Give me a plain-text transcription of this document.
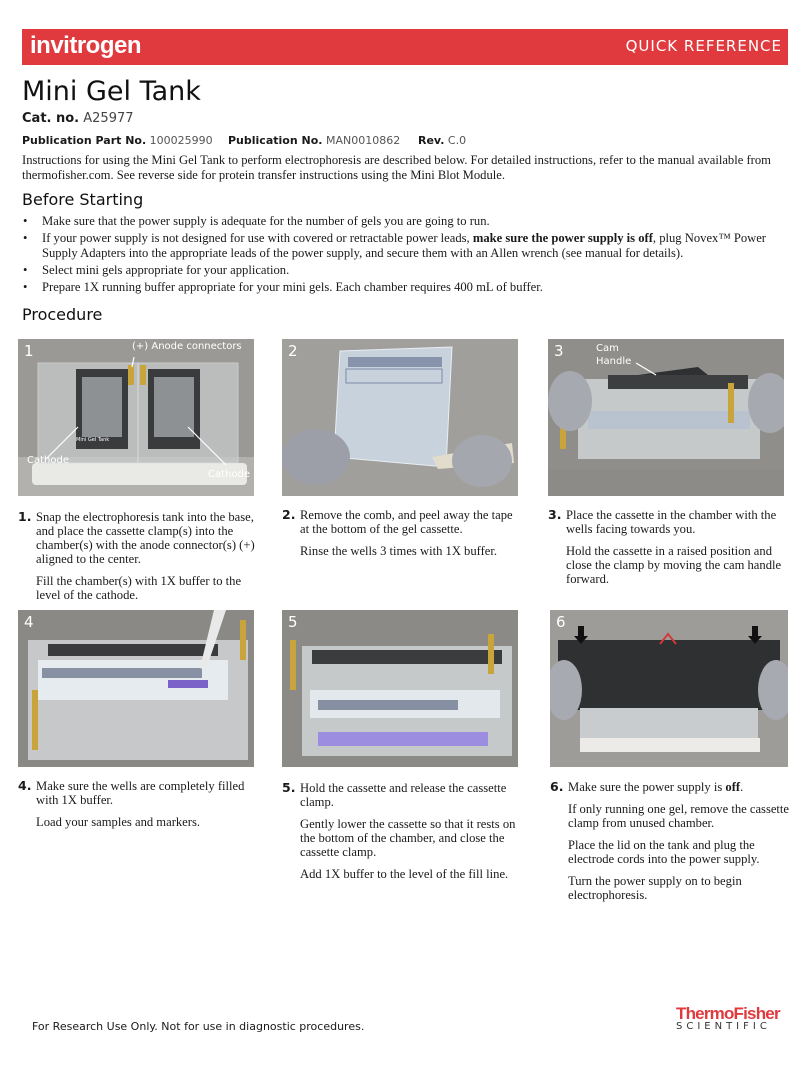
invitrogen	QUICK REFERENCE
Mini Gel Tank
Cat. no. A25977
Publication Part No. 100025990 Publication No. MAN0010862 Rev. C.0
Instructions for using the Mini Gel Tank to perform electrophoresis are described below. For detailed instructions, refer to the manual available from thermofisher.com. See reverse side for protein transfer instructions using the Mini Blot Module.
Before Starting
• Make sure that the power supply is adequate for the number of gels you are going to run.
• If your power supply is not designed for use with covered or retractable power leads, make sure the power supply is off, plug Novex™ Power Supply Adapters into the appropriate leads of the power supply, and secure them with an Allen wrench (see manual for details).
• Select mini gels appropriate for your application.
• Prepare 1X running buffer appropriate for your mini gels. Each chamber requires 400 mL of buffer.
Procedure
Mini Gel Tank
1	(+) Anode connectors
Cathode
Cathode
2	3	Cam
Handle
1. Snap the electrophoresis tank into the base, and place the cassette clamp(s) into the chamber(s) with the anode connector(s) (+) aligned to the center.

Fill the chamber(s) with 1X buffer to the level of the cathode.

2. Remove the comb, and peel away the tape at the bottom of the gel cassette.

Rinse the wells 3 times with 1X buffer.

3. Place the cassette in the chamber with the wells facing towards you.

Hold the cassette in a raised position and close the clamp by moving the cam handle forward.

4	5	6
4. Make sure the wells are completely filled with 1X buffer.

Load your samples and markers.

5. Hold the cassette and release the cassette clamp.

Gently lower the cassette so that it rests on the bottom of the chamber, and close the cassette clamp.

Add 1X buffer to the level of the fill line.

6. Make sure the power supply is off.

If only running one gel, remove the cassette clamp from unused chamber.

Place the lid on the tank and plug the electrode cords into the power supply.

Turn the power supply on to begin electrophoresis.

For Research Use Only. Not for use in diagnostic procedures.
ThermoFisher
SCIENTIFIC
